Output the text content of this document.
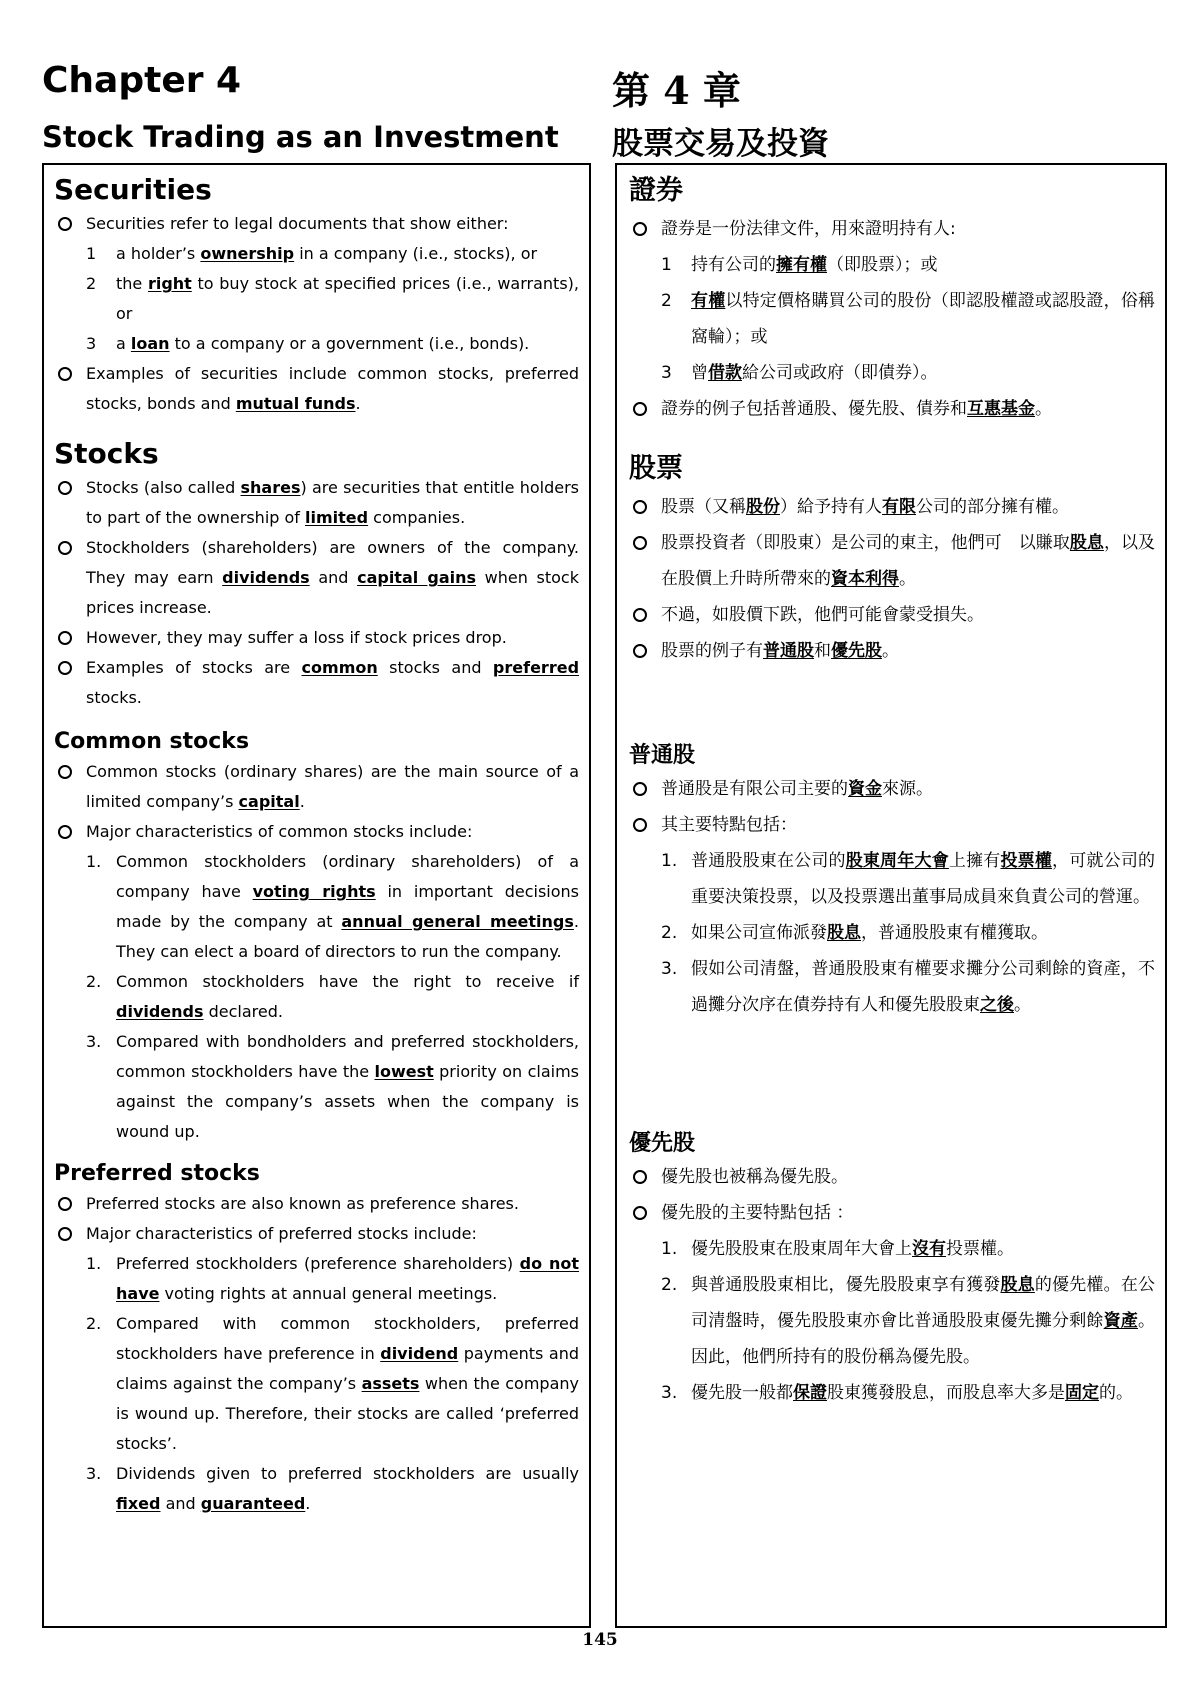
Chapter 4
Stock Trading as an Investment
第 4 章
股票交易及投資
Securities
Securities refer to legal documents that show either:
1	a holder’s ownership in a company (i.e., stocks), or
2	the right to buy stock at specified prices (i.e., warrants), or
3	a loan to a company or a government (i.e., bonds).
Examples of securities include common stocks, preferred stocks, bonds and mutual funds.
Stocks
Stocks (also called shares) are securities that entitle holders to part of the ownership of limited companies.
Stockholders (shareholders) are owners of the company. They may earn dividends and capital gains when stock prices increase.
However, they may suffer a loss if stock prices drop.
Examples of stocks are common stocks and preferred stocks.
Common stocks
Common stocks (ordinary shares) are the main source of a limited company’s capital.
Major characteristics of common stocks include:
1. Common stockholders (ordinary shareholders) of a company have voting rights in important decisions made by the company at annual general meetings. They can elect a board of directors to run the company.
2. Common stockholders have the right to receive if dividends declared.
3. Compared with bondholders and preferred stockholders, common stockholders have the lowest priority on claims against the company’s assets when the company is wound up.
Preferred stocks
Preferred stocks are also known as preference shares.
Major characteristics of preferred stocks include:
1. Preferred stockholders (preference shareholders) do not have voting rights at annual general meetings.
2. Compared with common stockholders, preferred stockholders have preference in dividend payments and claims against the company’s assets when the company is wound up. Therefore, their stocks are called ‘preferred stocks’.
3. Dividends given to preferred stockholders are usually fixed and guaranteed.
證券
證券是一份法律文件，用來證明持有人:
1	持有公司的擁有權（即股票）；或
2	有權以特定價格購買公司的股份（即認股權證或認股證，俗稱窩輪）；或
3	曾借款給公司或政府（即債券）。
證券的例子包括普通股、優先股、債券和互惠基金。
股票
股票（又稱股份）給予持有人有限公司的部分擁有權。
股票投資者（即股東）是公司的東主，他們可　以賺取股息，以及在股價上升時所帶來的資本利得。
不過，如股價下跌，他們可能會蒙受損失。
股票的例子有普通股和優先股。
普通股
普通股是有限公司主要的資金來源。
其主要特點包括：
1. 普通股股東在公司的股東周年大會上擁有投票權，可就公司的重要決策投票，以及投票選出董事局成員來負責公司的營運。
2. 如果公司宣佈派發股息，普通股股東有權獲取。
3. 假如公司清盤，普通股股東有權要求攤分公司剩餘的資產，不過攤分次序在債券持有人和優先股股東之後。
優先股
優先股也被稱為優先股。
優先股的主要特點包括 ：
1. 優先股股東在股東周年大會上沒有投票權。
2. 與普通股股東相比，優先股股東享有獲發股息的優先權。在公司清盤時，優先股股東亦會比普通股股東優先攤分剩餘資產。因此，他們所持有的股份稱為優先股。
3. 優先股一般都保證股東獲發股息，而股息率大多是固定的。
145
